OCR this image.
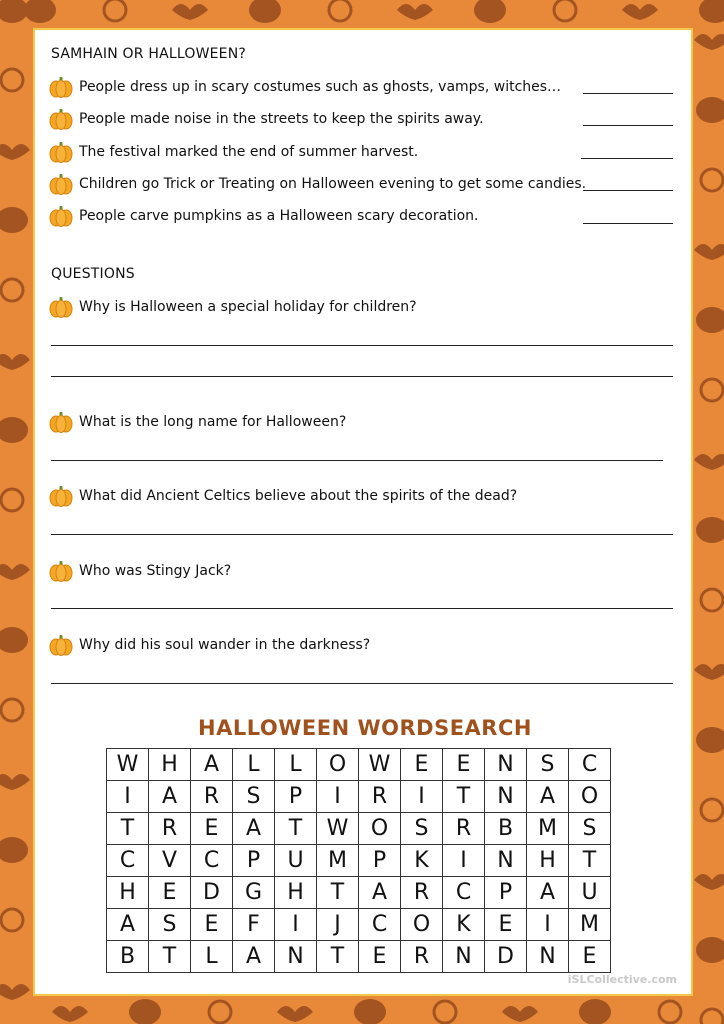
SAMHAIN OR HALLOWEEN?
People dress up in scary costumes such as ghosts, vamps, witches…
People made noise in the streets to keep the spirits away.
The festival marked the end of summer harvest.
Children go Trick or Treating on Halloween evening to get some candies.
People carve pumpkins as a Halloween scary decoration.
QUESTIONS
Why is Halloween a special holiday for children?
What is the long name for Halloween?
What did Ancient Celtics believe about the spirits of the dead?
Who was Stingy Jack?
Why did his soul wander in the darkness?
HALLOWEEN WORDSEARCH
W	H	A	L	L	O	W	E	E	N	S	C
I	A	R	S	P	I	R	I	T	N	A	O
T	R	E	A	T	W	O	S	R	B	M	S
C	V	C	P	U	M	P	K	I	N	H	T
H	E	D	G	H	T	A	R	C	P	A	U
A	S	E	F	I	J	C	O	K	E	I	M
B	T	L	A	N	T	E	R	N	D	N	E
iSLCollective.com
